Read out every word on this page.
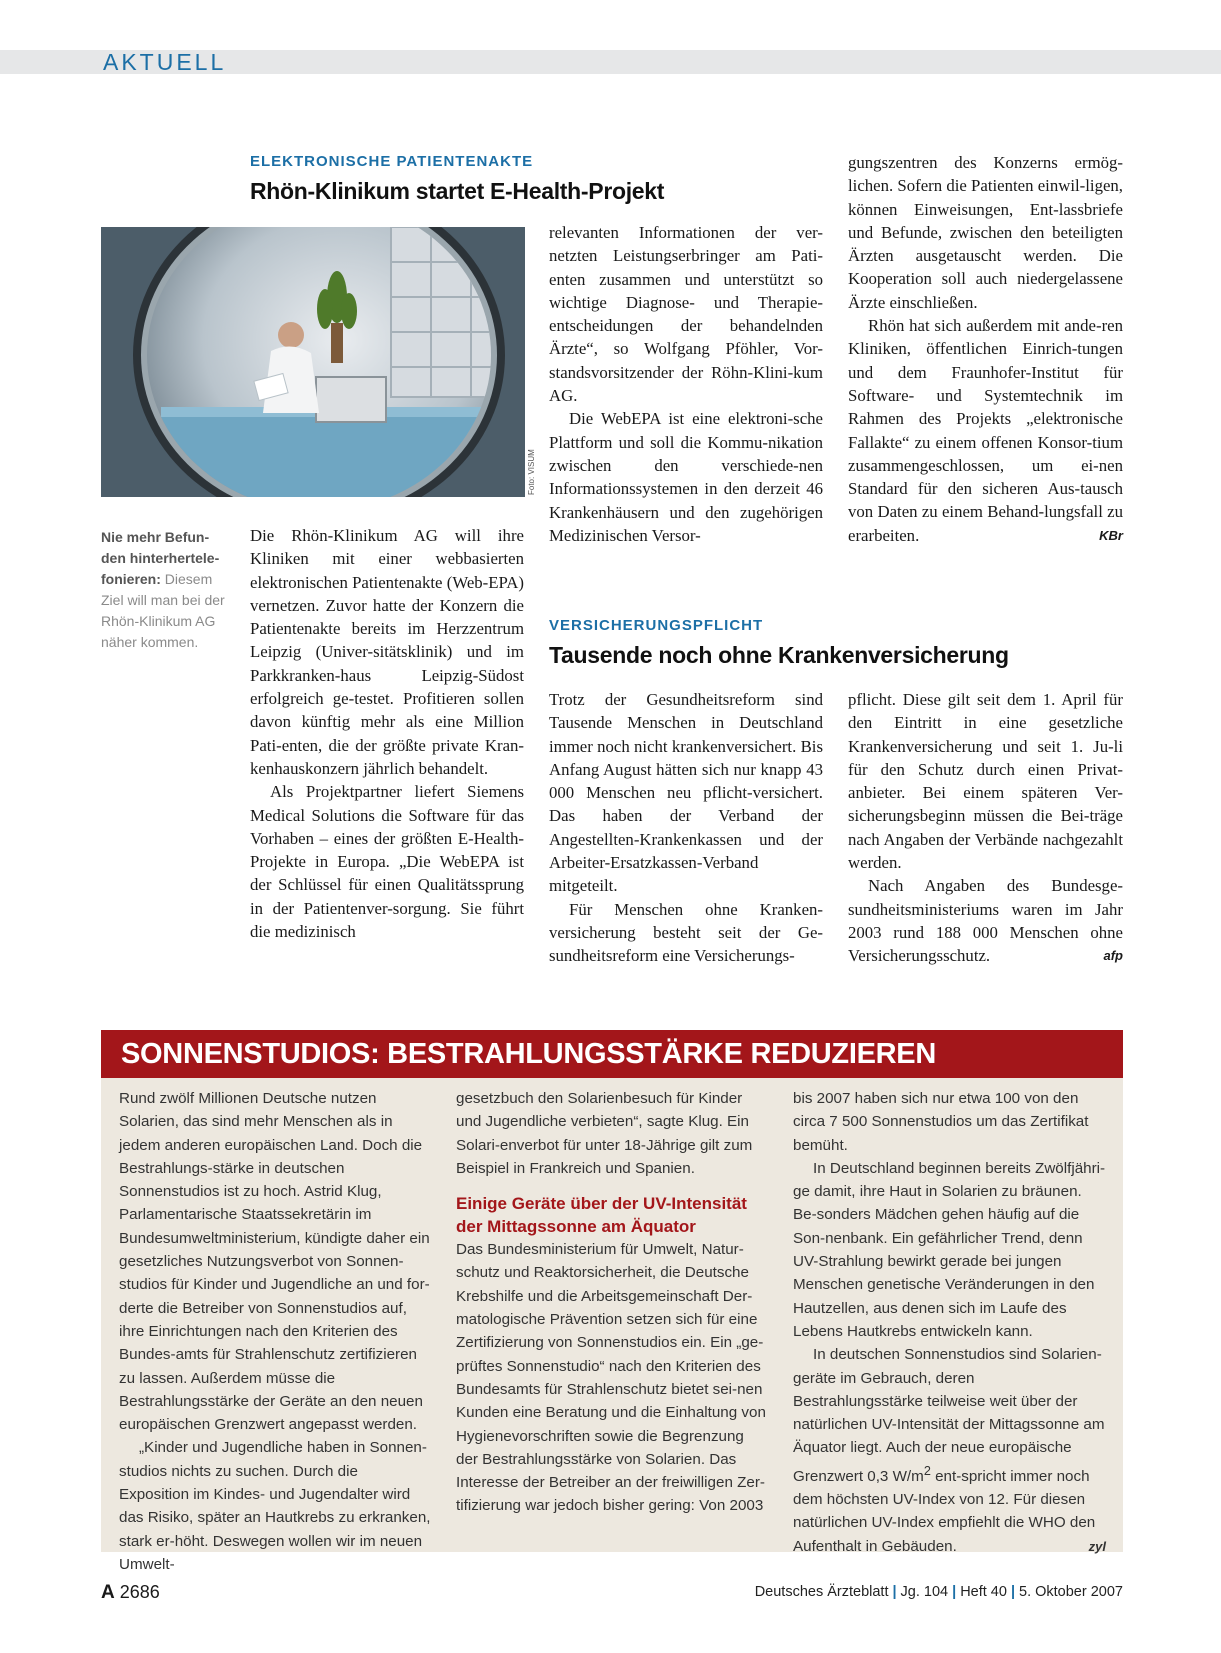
AKTUELL
ELEKTRONISCHE PATIENTENAKTE
Rhön-Klinikum startet E-Health-Projekt
Foto: VISUM
Nie mehr Befun-den hinterhertele-fonieren: Diesem Ziel will man bei der Rhön-Klinikum AG näher kommen.

Die Rhön-Klinikum AG will ihre Kliniken mit einer webbasierten elektronischen Patientenakte (Web-EPA) vernetzen. Zuvor hatte der Konzern die Patientenakte bereits im Herzzentrum Leipzig (Univer-sitätsklinik) und im Parkkranken-haus Leipzig-Südost erfolgreich ge-testet. Profitieren sollen davon künftig mehr als eine Million Pati-enten, die der größte private Kran-kenhauskonzern jährlich behandelt.

Als Projektpartner liefert Siemens Medical Solutions die Software für das Vorhaben – eines der größten E-Health-Projekte in Europa. „Die WebEPA ist der Schlüssel für einen Qualitätssprung in der Patientenver-sorgung. Sie führt die medizinisch

relevanten Informationen der ver-netzten Leistungserbringer am Pati-enten zusammen und unterstützt so wichtige Diagnose- und Therapie-entscheidungen der behandelnden Ärzte“, so Wolfgang Pföhler, Vor-standsvorsitzender der Röhn-Klini-kum AG.

Die WebEPA ist eine elektroni-sche Plattform und soll die Kommu-nikation zwischen den verschiede-nen Informationssystemen in den derzeit 46 Krankenhäusern und den zugehörigen Medizinischen Versor-

gungszentren des Konzerns ermög-lichen. Sofern die Patienten einwil-ligen, können Einweisungen, Ent-lassbriefe und Befunde, zwischen den beteiligten Ärzten ausgetauscht werden. Die Kooperation soll auch niedergelassene Ärzte einschließen.

Rhön hat sich außerdem mit ande-ren Kliniken, öffentlichen Einrich-tungen und dem Fraunhofer-Institut für Software- und Systemtechnik im Rahmen des Projekts „elektronische Fallakte“ zu einem offenen Konsor-tium zusammengeschlossen, um ei-nen Standard für den sicheren Aus-tausch von Daten zu einem Behand-lungsfall zu erarbeiten.	KBr

VERSICHERUNGSPFLICHT
Tausende noch ohne Krankenversicherung

Trotz der Gesundheitsreform sind Tausende Menschen in Deutschland immer noch nicht krankenversichert. Bis Anfang August hätten sich nur knapp 43 000 Menschen neu pflicht-versichert. Das haben der Verband der Angestellten-Krankenkassen und der Arbeiter-Ersatzkassen-Verband mitgeteilt.

Für Menschen ohne Kranken-versicherung besteht seit der Ge-sundheitsreform eine Versicherungs-

pflicht. Diese gilt seit dem 1. April für den Eintritt in eine gesetzliche Krankenversicherung und seit 1. Ju-li für den Schutz durch einen Privat-anbieter. Bei einem späteren Ver-sicherungsbeginn müssen die Bei-träge nach Angaben der Verbände nachgezahlt werden.

Nach Angaben des Bundesge-sundheitsministeriums waren im Jahr 2003 rund 188 000 Menschen ohne Versicherungsschutz.	afp

SONNENSTUDIOS: BESTRAHLUNGSSTÄRKE REDUZIEREN

Rund zwölf Millionen Deutsche nutzen Solarien, das sind mehr Menschen als in jedem anderen europäischen Land. Doch die Bestrahlungs-stärke in deutschen Sonnenstudios ist zu hoch. Astrid Klug, Parlamentarische Staatssekretärin im Bundesumweltministerium, kündigte daher ein gesetzliches Nutzungsverbot von Sonnen-studios für Kinder und Jugendliche an und for-derte die Betreiber von Sonnenstudios auf, ihre Einrichtungen nach den Kriterien des Bundes-amts für Strahlenschutz zertifizieren zu lassen. Außerdem müsse die Bestrahlungsstärke der Geräte an den neuen europäischen Grenzwert angepasst werden.

„Kinder und Jugendliche haben in Sonnen-studios nichts zu suchen. Durch die Exposition im Kindes- und Jugendalter wird das Risiko, später an Hautkrebs zu erkranken, stark er-höht. Deswegen wollen wir im neuen Umwelt-

gesetzbuch den Solarienbesuch für Kinder und Jugendliche verbieten“, sagte Klug. Ein Solari-enverbot für unter 18-Jährige gilt zum Beispiel in Frankreich und Spanien.

Einige Geräte über der UV-Intensität der Mittagssonne am Äquator

Das Bundesministerium für Umwelt, Natur-schutz und Reaktorsicherheit, die Deutsche Krebshilfe und die Arbeitsgemeinschaft Der-matologische Prävention setzen sich für eine Zertifizierung von Sonnenstudios ein. Ein „ge-prüftes Sonnenstudio“ nach den Kriterien des Bundesamts für Strahlenschutz bietet sei-nen Kunden eine Beratung und die Einhaltung von Hygienevorschriften sowie die Begrenzung der Bestrahlungsstärke von Solarien. Das Interesse der Betreiber an der freiwilligen Zer-tifizierung war jedoch bisher gering: Von 2003

bis 2007 haben sich nur etwa 100 von den circa 7 500 Sonnenstudios um das Zertifikat bemüht.

In Deutschland beginnen bereits Zwölfjähri-ge damit, ihre Haut in Solarien zu bräunen. Be-sonders Mädchen gehen häufig auf die Son-nenbank. Ein gefährlicher Trend, denn UV-Strahlung bewirkt gerade bei jungen Menschen genetische Veränderungen in den Hautzellen, aus denen sich im Laufe des Lebens Hautkrebs entwickeln kann.

In deutschen Sonnenstudios sind Solarien-geräte im Gebrauch, deren Bestrahlungsstärke teilweise weit über der natürlichen UV-Intensität der Mittagssonne am Äquator liegt. Auch der neue europäische Grenzwert 0,3 $W/m^2$ ent-spricht immer noch dem höchsten UV-Index von 12. Für diesen natürlichen UV-Index empfiehlt die WHO den Aufenthalt in Gebäuden.	zyl

A 2686	Deutsches Ärzteblatt | Jg. 104 | Heft 40 | 5. Oktober 2007
